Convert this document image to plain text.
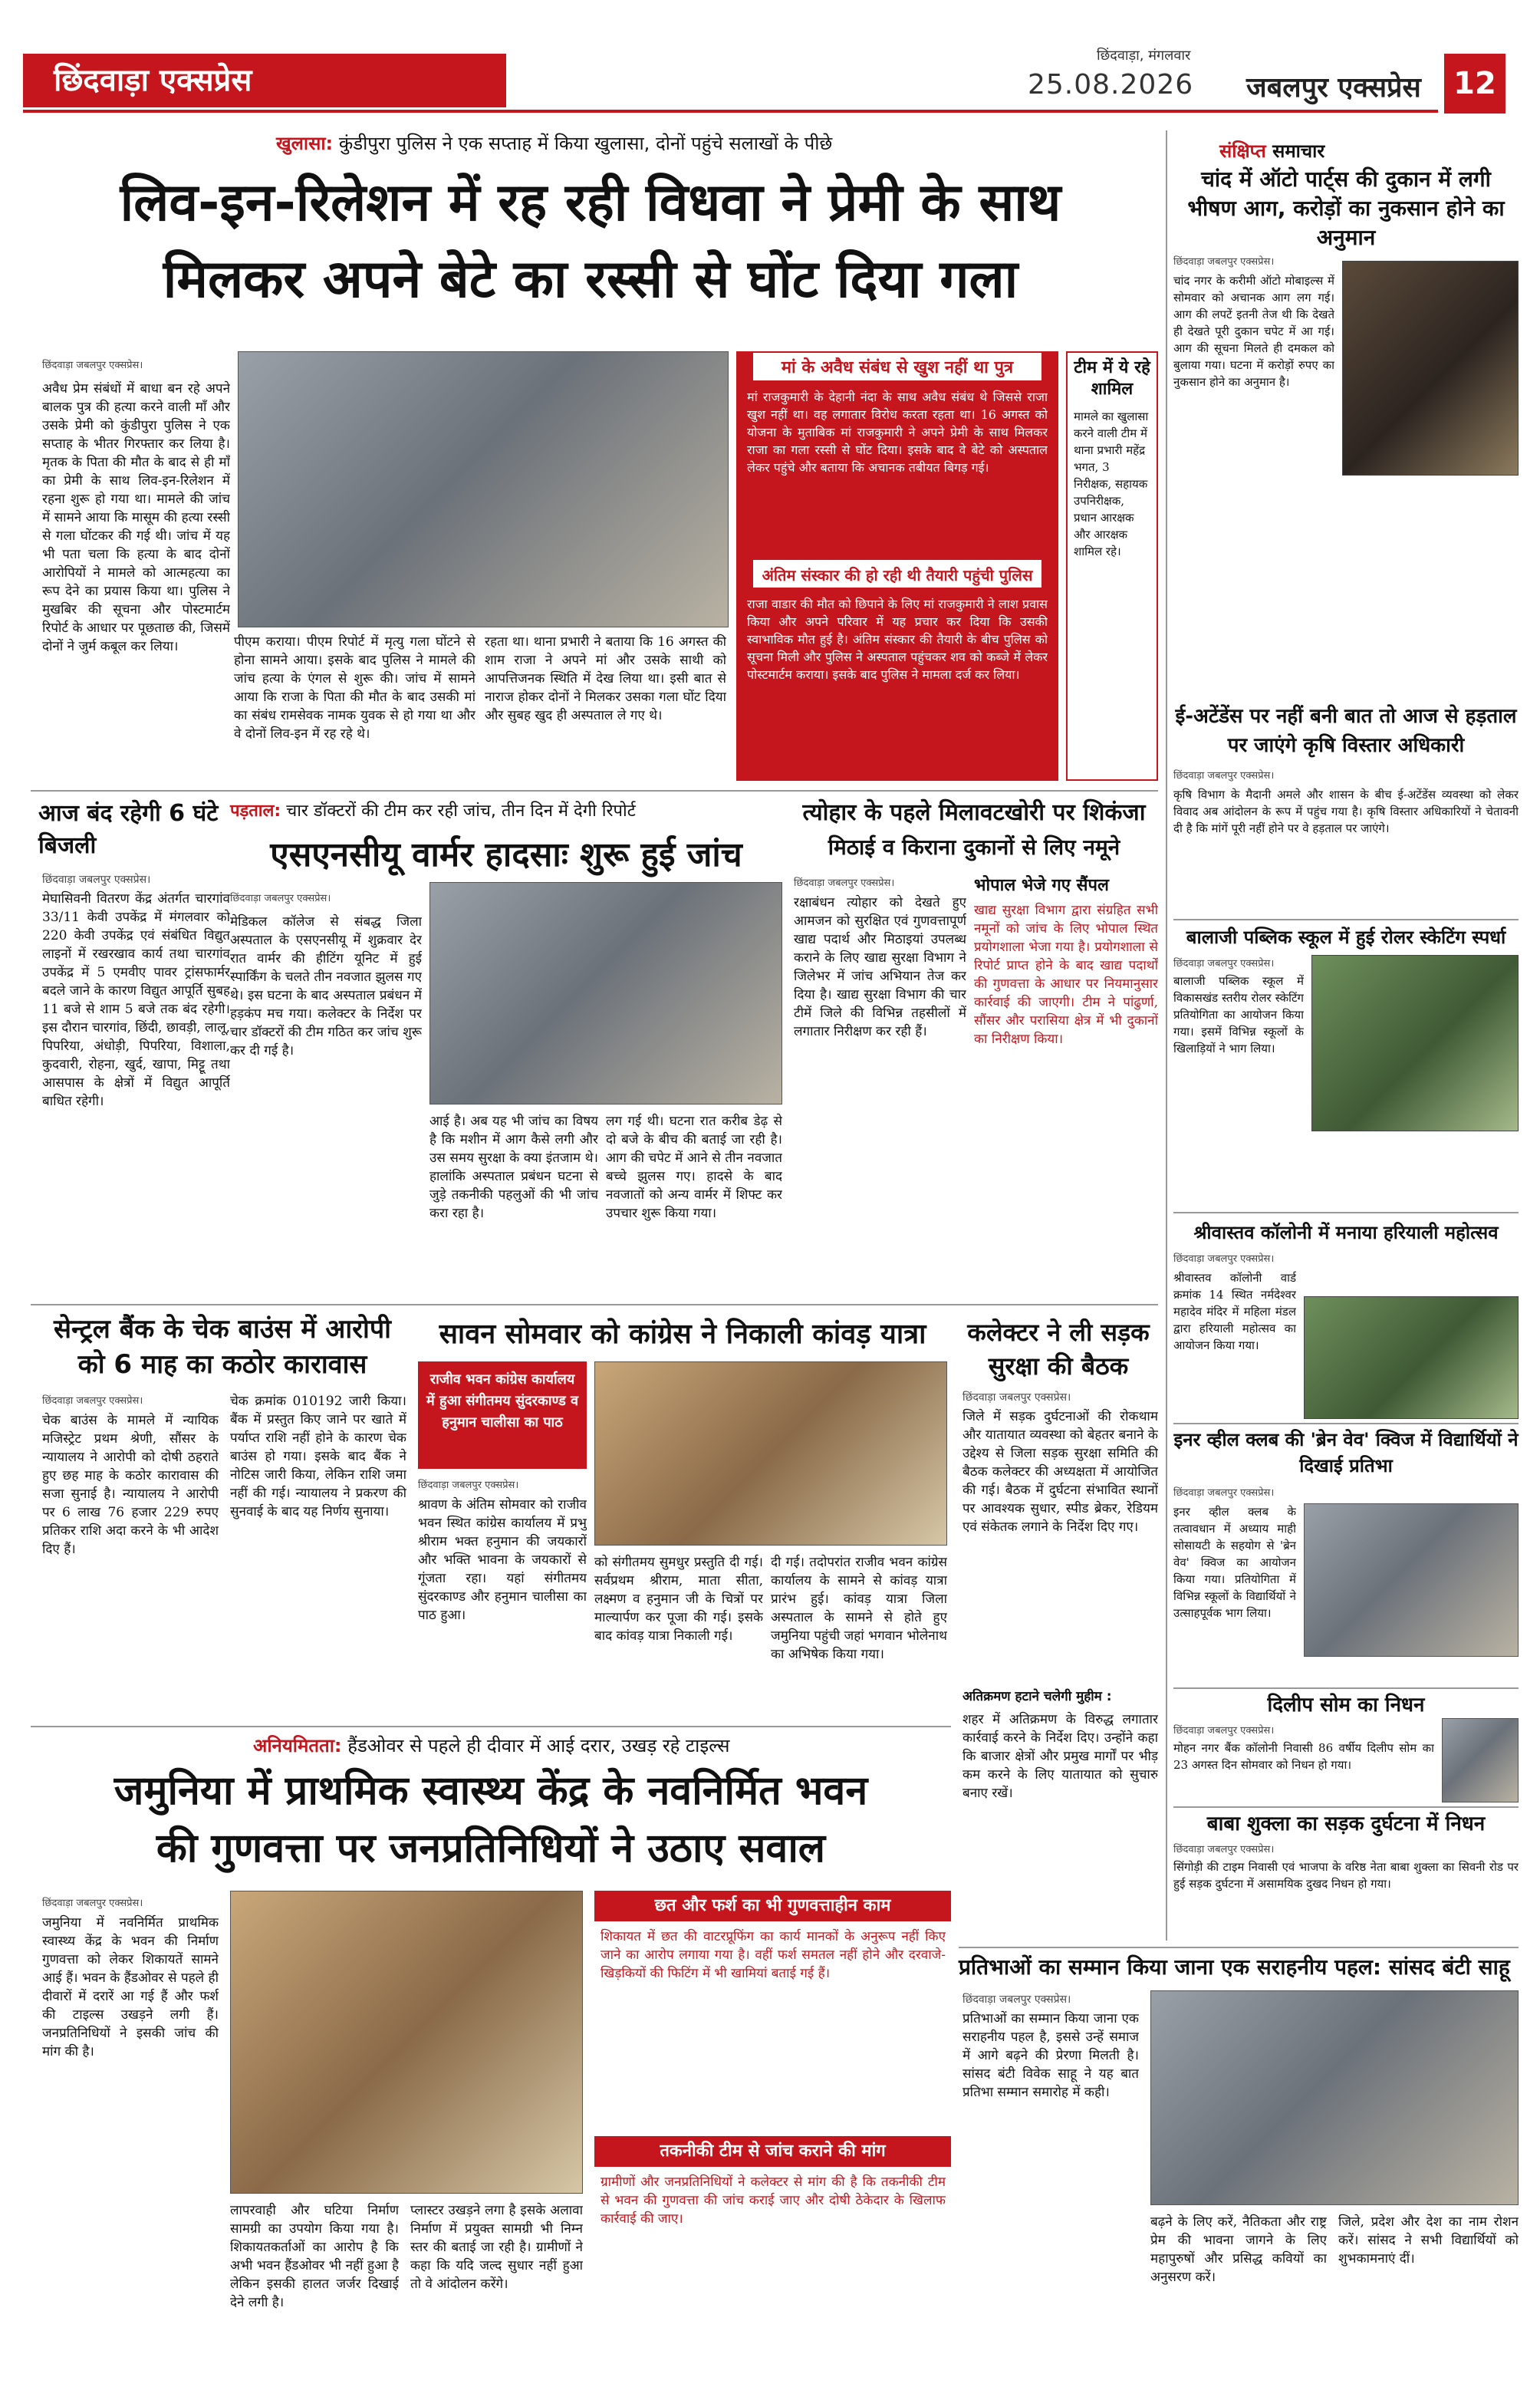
छिंदवाड़ा एक्सप्रेस
छिंदवाड़ा, मंगलवार
25.08.2026 जबलपुर एक्सप्रेस	12
खुलासा: कुंडीपुरा पुलिस ने एक सप्ताह में किया खुलासा, दोनों पहुंचे सलाखों के पीछे
लिव-इन-रिलेशन में रह रही विधवा ने प्रेमी के साथ
मिलकर अपने बेटे का रस्सी से घोंट दिया गला
छिंदवाड़ा जबलपुर एक्सप्रेस।
अवैध प्रेम संबंधों में बाधा बन रहे अपने बालक पुत्र की हत्या करने वाली माँ और उसके प्रेमी को कुंडीपुरा पुलिस ने एक सप्ताह के भीतर गिरफ्तार कर लिया है। मृतक के पिता की मौत के बाद से ही माँ का प्रेमी के साथ लिव-इन-रिलेशन में रहना शुरू हो गया था। मामले की जांच में सामने आया कि मासूम की हत्या रस्सी से गला घोंटकर की गई थी। जांच में यह भी पता चला कि हत्या के बाद दोनों आरोपियों ने मामले को आत्महत्या का रूप देने का प्रयास किया था। पुलिस ने मुखबिर की सूचना और पोस्टमार्टम रिपोर्ट के आधार पर पूछताछ की, जिसमें दोनों ने जुर्म कबूल कर लिया।	पीएम कराया। पीएम रिपोर्ट में मृत्यु गला घोंटने से होना सामने आया। इसके बाद पुलिस ने मामले की जांच हत्या के एंगल से शुरू की। जांच में सामने आया कि राजा के पिता की मौत के बाद उसकी मां का संबंध रामसेवक नामक युवक से हो गया था और वे दोनों लिव-इन में रह रहे थे।
रहता था। थाना प्रभारी ने बताया कि 16 अगस्त की शाम राजा ने अपने मां और उसके साथी को आपत्तिजनक स्थिति में देख लिया था। इसी बात से नाराज होकर दोनों ने मिलकर उसका गला घोंट दिया और सुबह खुद ही अस्पताल ले गए थे।
मां के अवैध संबंध से खुश नहीं था पुत्र
मां राजकुमारी के देहानी नंदा के साथ अवैध संबंध थे जिससे राजा खुश नहीं था। वह लगातार विरोध करता रहता था। 16 अगस्त को योजना के मुताबिक मां राजकुमारी ने अपने प्रेमी के साथ मिलकर राजा का गला रस्सी से घोंट दिया। इसके बाद वे बेटे को अस्पताल लेकर पहुंचे और बताया कि अचानक तबीयत बिगड़ गई।
अंतिम संस्कार की हो रही थी तैयारी पहुंची पुलिस
राजा वाडार की मौत को छिपाने के लिए मां राजकुमारी ने लाश प्रवास किया और अपने परिवार में यह प्रचार कर दिया कि उसकी स्वाभाविक मौत हुई है। अंतिम संस्कार की तैयारी के बीच पुलिस को सूचना मिली और पुलिस ने अस्पताल पहुंचकर शव को कब्जे में लेकर पोस्टमार्टम कराया। इसके बाद पुलिस ने मामला दर्ज कर लिया।
टीम में ये रहे शामिल
मामले का खुलासा करने वाली टीम में थाना प्रभारी महेंद्र भगत, 3 निरीक्षक, सहायक उपनिरीक्षक, प्रधान आरक्षक और आरक्षक शामिल रहे।
आज बंद रहेगी 6 घंटे बिजली
छिंदवाड़ा जबलपुर एक्सप्रेस।
मेघासिवनी वितरण केंद्र अंतर्गत चारगांव 33/11 केवी उपकेंद्र में मंगलवार को 220 केवी उपकेंद्र एवं संबंधित विद्युत लाइनों में रखरखाव कार्य तथा चारगांव उपकेंद्र में 5 एमवीए पावर ट्रांसफार्मर बदले जाने के कारण विद्युत आपूर्ति सुबह 11 बजे से शाम 5 बजे तक बंद रहेगी। इस दौरान चारगांव, छिंदी, छावड़ी, लालू, पिपरिया, अंधोड़ी, पिपरिया, विशाला, कुदवारी, रोहना, खुर्द, खापा, मिट्टू तथा आसपास के क्षेत्रों में विद्युत आपूर्ति बाधित रहेगी।
पड़ताल: चार डॉक्टरों की टीम कर रही जांच, तीन दिन में देगी रिपोर्ट
एसएनसीयू वार्मर हादसाः शुरू हुई जांच
छिंदवाड़ा जबलपुर एक्सप्रेस।
मेडिकल कॉलेज से संबद्ध जिला अस्पताल के एसएनसीयू में शुक्रवार देर रात वार्मर की हीटिंग यूनिट में हुई स्पार्किंग के चलते तीन नवजात झुलस गए थे। इस घटना के बाद अस्पताल प्रबंधन में हड़कंप मच गया। कलेक्टर के निर्देश पर चार डॉक्टरों की टीम गठित कर जांच शुरू कर दी गई है।
आई है। अब यह भी जांच का विषय है कि मशीन में आग कैसे लगी और उस समय सुरक्षा के क्या इंतजाम थे। हालांकि अस्पताल प्रबंधन घटना से जुड़े तकनीकी पहलुओं की भी जांच करा रहा है।
लग गई थी। घटना रात करीब डेढ़ से दो बजे के बीच की बताई जा रही है। आग की चपेट में आने से तीन नवजात बच्चे झुलस गए। हादसे के बाद नवजातों को अन्य वार्मर में शिफ्ट कर उपचार शुरू किया गया।
त्योहार के पहले मिलावटखोरी पर शिकंजा
मिठाई व किराना दुकानों से लिए नमूने
छिंदवाड़ा जबलपुर एक्सप्रेस।
रक्षाबंधन त्योहार को देखते हुए आमजन को सुरक्षित एवं गुणवत्तापूर्ण खाद्य पदार्थ और मिठाइयां उपलब्ध कराने के लिए खाद्य सुरक्षा विभाग ने जिलेभर में जांच अभियान तेज कर दिया है। खाद्य सुरक्षा विभाग की चार टीमें जिले की विभिन्न तहसीलों में लगातार निरीक्षण कर रही हैं।
भोपाल भेजे गए सैंपल
खाद्य सुरक्षा विभाग द्वारा संग्रहित सभी नमूनों को जांच के लिए भोपाल स्थित प्रयोगशाला भेजा गया है। प्रयोगशाला से रिपोर्ट प्राप्त होने के बाद खाद्य पदार्थों की गुणवत्ता के आधार पर नियमानुसार कार्रवाई की जाएगी। टीम ने पांढुर्णा, सौंसर और परासिया क्षेत्र में भी दुकानों का निरीक्षण किया।
सेन्ट्रल बैंक के चेक बाउंस में आरोपी को 6 माह का कठोर कारावास
छिंदवाड़ा जबलपुर एक्सप्रेस।
चेक बाउंस के मामले में न्यायिक मजिस्ट्रेट प्रथम श्रेणी, सौंसर के न्यायालय ने आरोपी को दोषी ठहराते हुए छह माह के कठोर कारावास की सजा सुनाई है। न्यायालय ने आरोपी पर 6 लाख 76 हजार 229 रुपए प्रतिकर राशि अदा करने के भी आदेश दिए हैं।
चेक क्रमांक 010192 जारी किया। बैंक में प्रस्तुत किए जाने पर खाते में पर्याप्त राशि नहीं होने के कारण चेक बाउंस हो गया। इसके बाद बैंक ने नोटिस जारी किया, लेकिन राशि जमा नहीं की गई। न्यायालय ने प्रकरण की सुनवाई के बाद यह निर्णय सुनाया।
सावन सोमवार को कांग्रेस ने निकाली कांवड़ यात्रा
राजीव भवन कांग्रेस कार्यालय में हुआ संगीतमय सुंदरकाण्ड व हनुमान चालीसा का पाठ
छिंदवाड़ा जबलपुर एक्सप्रेस।
श्रावण के अंतिम सोमवार को राजीव भवन स्थित कांग्रेस कार्यालय में प्रभु श्रीराम भक्त हनुमान की जयकारों और भक्ति भावना के जयकारों से गूंजता रहा। यहां संगीतमय सुंदरकाण्ड और हनुमान चालीसा का पाठ हुआ।
को संगीतमय सुमधुर प्रस्तुति दी गई। सर्वप्रथम श्रीराम, माता सीता, लक्ष्मण व हनुमान जी के चित्रों पर माल्यार्पण कर पूजा की गई। इसके बाद कांवड़ यात्रा निकाली गई।
दी गई। तदोपरांत राजीव भवन कांग्रेस कार्यालय के सामने से कांवड़ यात्रा प्रारंभ हुई। कांवड़ यात्रा जिला अस्पताल के सामने से होते हुए जमुनिया पहुंची जहां भगवान भोलेनाथ का अभिषेक किया गया।
कलेक्टर ने ली सड़क सुरक्षा की बैठक
छिंदवाड़ा जबलपुर एक्सप्रेस।
जिले में सड़क दुर्घटनाओं की रोकथाम और यातायात व्यवस्था को बेहतर बनाने के उद्देश्य से जिला सड़क सुरक्षा समिति की बैठक कलेक्टर की अध्यक्षता में आयोजित की गई। बैठक में दुर्घटना संभावित स्थानों पर आवश्यक सुधार, स्पीड ब्रेकर, रेडियम एवं संकेतक लगाने के निर्देश दिए गए।
अतिक्रमण हटाने चलेगी मुहीम :
शहर में अतिक्रमण के विरुद्ध लगातार कार्रवाई करने के निर्देश दिए। उन्होंने कहा कि बाजार क्षेत्रों और प्रमुख मार्गों पर भीड़ कम करने के लिए यातायात को सुचारु बनाए रखें।
अनियमितता: हैंडओवर से पहले ही दीवार में आई दरार, उखड़ रहे टाइल्स
जमुनिया में प्राथमिक स्वास्थ्य केंद्र के नवनिर्मित भवन
की गुणवत्ता पर जनप्रतिनिधियों ने उठाए सवाल
छिंदवाड़ा जबलपुर एक्सप्रेस।
जमुनिया में नवनिर्मित प्राथमिक स्वास्थ्य केंद्र के भवन की निर्माण गुणवत्ता को लेकर शिकायतें सामने आई हैं। भवन के हैंडओवर से पहले ही दीवारों में दरारें आ गई हैं और फर्श की टाइल्स उखड़ने लगी हैं। जनप्रतिनिधियों ने इसकी जांच की मांग की है।
लापरवाही और घटिया निर्माण सामग्री का उपयोग किया गया है। शिकायतकर्ताओं का आरोप है कि अभी भवन हैंडओवर भी नहीं हुआ है लेकिन इसकी हालत जर्जर दिखाई देने लगी है।
प्लास्टर उखड़ने लगा है इसके अलावा निर्माण में प्रयुक्त सामग्री भी निम्न स्तर की बताई जा रही है। ग्रामीणों ने कहा कि यदि जल्द सुधार नहीं हुआ तो वे आंदोलन करेंगे।
छत और फर्श का भी गुणवत्ताहीन काम
शिकायत में छत की वाटरप्रूफिंग का कार्य मानकों के अनुरूप नहीं किए जाने का आरोप लगाया गया है। वहीं फर्श समतल नहीं होने और दरवाजे-खिड़कियों की फिटिंग में भी खामियां बताई गई हैं।
तकनीकी टीम से जांच कराने की मांग
ग्रामीणों और जनप्रतिनिधियों ने कलेक्टर से मांग की है कि तकनीकी टीम से भवन की गुणवत्ता की जांच कराई जाए और दोषी ठेकेदार के खिलाफ कार्रवाई की जाए।
प्रतिभाओं का सम्मान किया जाना एक सराहनीय पहल: सांसद बंटी साहू
छिंदवाड़ा जबलपुर एक्सप्रेस।
प्रतिभाओं का सम्मान किया जाना एक सराहनीय पहल है, इससे उन्हें समाज में आगे बढ़ने की प्रेरणा मिलती है। सांसद बंटी विवेक साहू ने यह बात प्रतिभा सम्मान समारोह में कही।
बढ़ने के लिए करें, नैतिकता और राष्ट्र प्रेम की भावना जागने के लिए महापुरुषों और प्रसिद्ध कवियों का अनुसरण करें।
जिले, प्रदेश और देश का नाम रोशन करें। सांसद ने सभी विद्यार्थियों को शुभकामनाएं दीं।
संक्षिप्त समाचार
चांद में ऑटो पार्ट्स की दुकान में लगी भीषण आग, करोड़ों का नुकसान होने का अनुमान
छिंदवाड़ा जबलपुर एक्सप्रेस।
चांद नगर के करीमी ऑटो मोबाइल्स में सोमवार को अचानक आग लग गई। आग की लपटें इतनी तेज थी कि देखते ही देखते पूरी दुकान चपेट में आ गई। आग की सूचना मिलते ही दमकल को बुलाया गया। घटना में करोड़ों रुपए का नुकसान होने का अनुमान है।
ई-अटेंडेंस पर नहीं बनी बात तो आज से हड़ताल पर जाएंगे कृषि विस्तार अधिकारी
छिंदवाड़ा जबलपुर एक्सप्रेस।
कृषि विभाग के मैदानी अमले और शासन के बीच ई-अटेंडेंस व्यवस्था को लेकर विवाद अब आंदोलन के रूप में पहुंच गया है। कृषि विस्तार अधिकारियों ने चेतावनी दी है कि मांगें पूरी नहीं होने पर वे हड़ताल पर जाएंगे।
बालाजी पब्लिक स्कूल में हुई रोलर स्केटिंग स्पर्धा
छिंदवाड़ा जबलपुर एक्सप्रेस।
बालाजी पब्लिक स्कूल में विकासखंड स्तरीय रोलर स्केटिंग प्रतियोगिता का आयोजन किया गया। इसमें विभिन्न स्कूलों के खिलाड़ियों ने भाग लिया।
श्रीवास्तव कॉलोनी में मनाया हरियाली महोत्सव
छिंदवाड़ा जबलपुर एक्सप्रेस।
श्रीवास्तव कॉलोनी वार्ड क्रमांक 14 स्थित नर्मदेश्वर महादेव मंदिर में महिला मंडल द्वारा हरियाली महोत्सव का आयोजन किया गया।
इनर व्हील क्लब की 'ब्रेन वेव' क्विज में विद्यार्थियों ने दिखाई प्रतिभा
छिंदवाड़ा जबलपुर एक्सप्रेस।
इनर व्हील क्लब के तत्वावधान में अध्याय माही सोसायटी के सहयोग से 'ब्रेन वेव' क्विज का आयोजन किया गया। प्रतियोगिता में विभिन्न स्कूलों के विद्यार्थियों ने उत्साहपूर्वक भाग लिया।
दिलीप सोम का निधन
छिंदवाड़ा जबलपुर एक्सप्रेस।
मोहन नगर बैंक कॉलोनी निवासी 86 वर्षीय दिलीप सोम का 23 अगस्त दिन सोमवार को निधन हो गया।
बाबा शुक्ला का सड़क दुर्घटना में निधन
छिंदवाड़ा जबलपुर एक्सप्रेस।
सिंगोड़ी की टाइम निवासी एवं भाजपा के वरिष्ठ नेता बाबा शुक्ला का सिवनी रोड पर हुई सड़क दुर्घटना में असामयिक दुखद निधन हो गया।
